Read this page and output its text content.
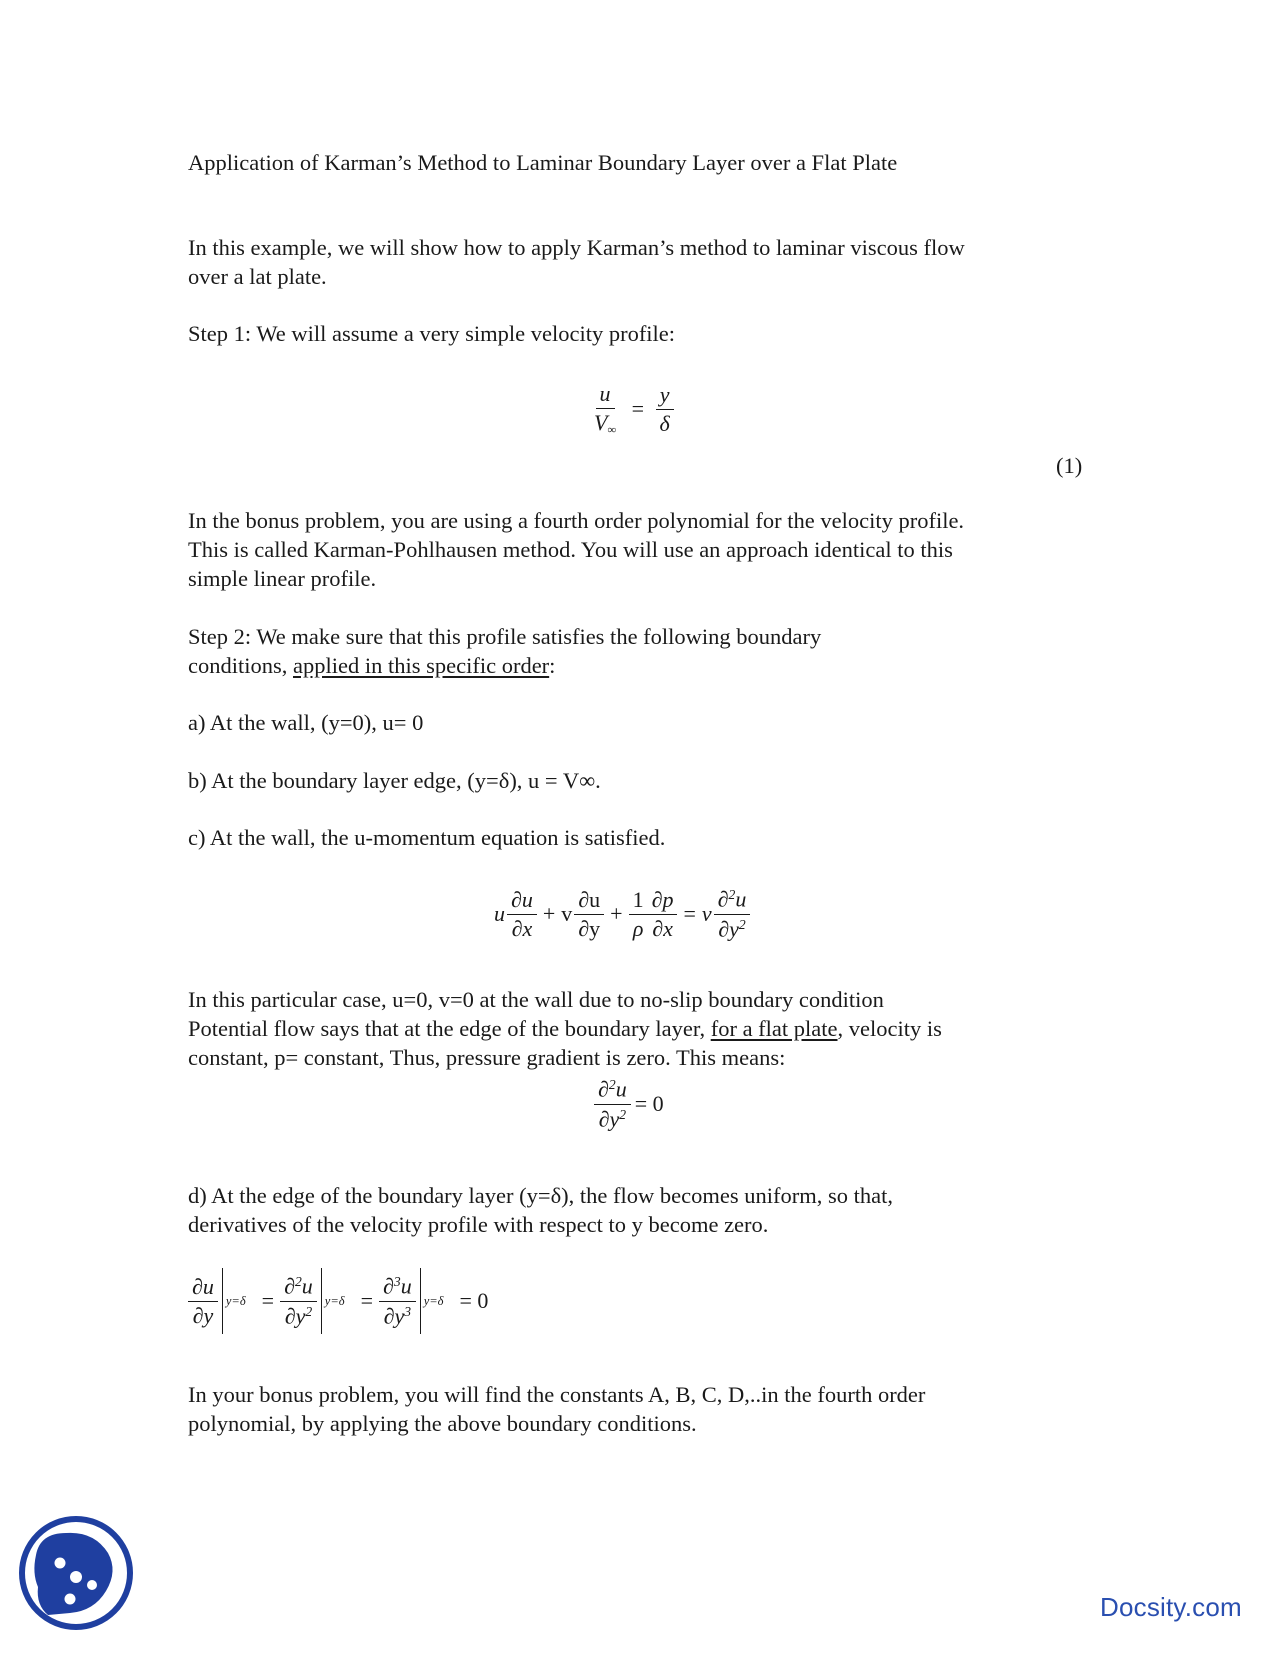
Application of Karman’s Method to Laminar Boundary Layer over a Flat Plate

In this example, we will show how to apply Karman’s method to laminar viscous flow

over a lat plate.

Step 1: We will assume a very simple velocity profile:

$\frac{u}{V\infty} = \frac{y}{\delta}$
(1)

In the bonus problem, you are using a fourth order polynomial for the velocity profile.

This is called Karman-Pohlhausen method. You will use an approach identical to this

simple linear profile.

Step 2: We make sure that this profile satisfies the following boundary

conditions, applied in this specific order:

a) At the wall, (y=0), u= 0

b) At the boundary layer edge, (y=δ), u = V∞.

c) At the wall, the u-momentum equation is satisfied.

u $\frac{\partial u}{\partial x} + v \frac{\partial u}{\partial y} + \frac{1}{\rho} \frac{\partial p}{\partial x} = \nu \frac{\partial^2u}{\partial y^2}$

In this particular case, u=0, v=0 at the wall due to no-slip boundary condition

Potential flow says that at the edge of the boundary layer, for a flat plate, velocity is

constant, p= constant, Thus, pressure gradient is zero. This means:

$\frac{\partial^2u}{\partial y^2} = 0$

d) At the edge of the boundary layer (y=δ), the flow becomes uniform, so that,

derivatives of the velocity profile with respect to y become zero.

$\frac{\partial u}{\partial y} y=\delta = \frac{\partial^2u}{\partial y^2} y=\delta = \frac{\partial^3u}{\partial y^3} y=\delta = 0$

In your bonus problem, you will find the constants A, B, C, D,..in the fourth order

polynomial, by applying the above boundary conditions.

Docsity.com
